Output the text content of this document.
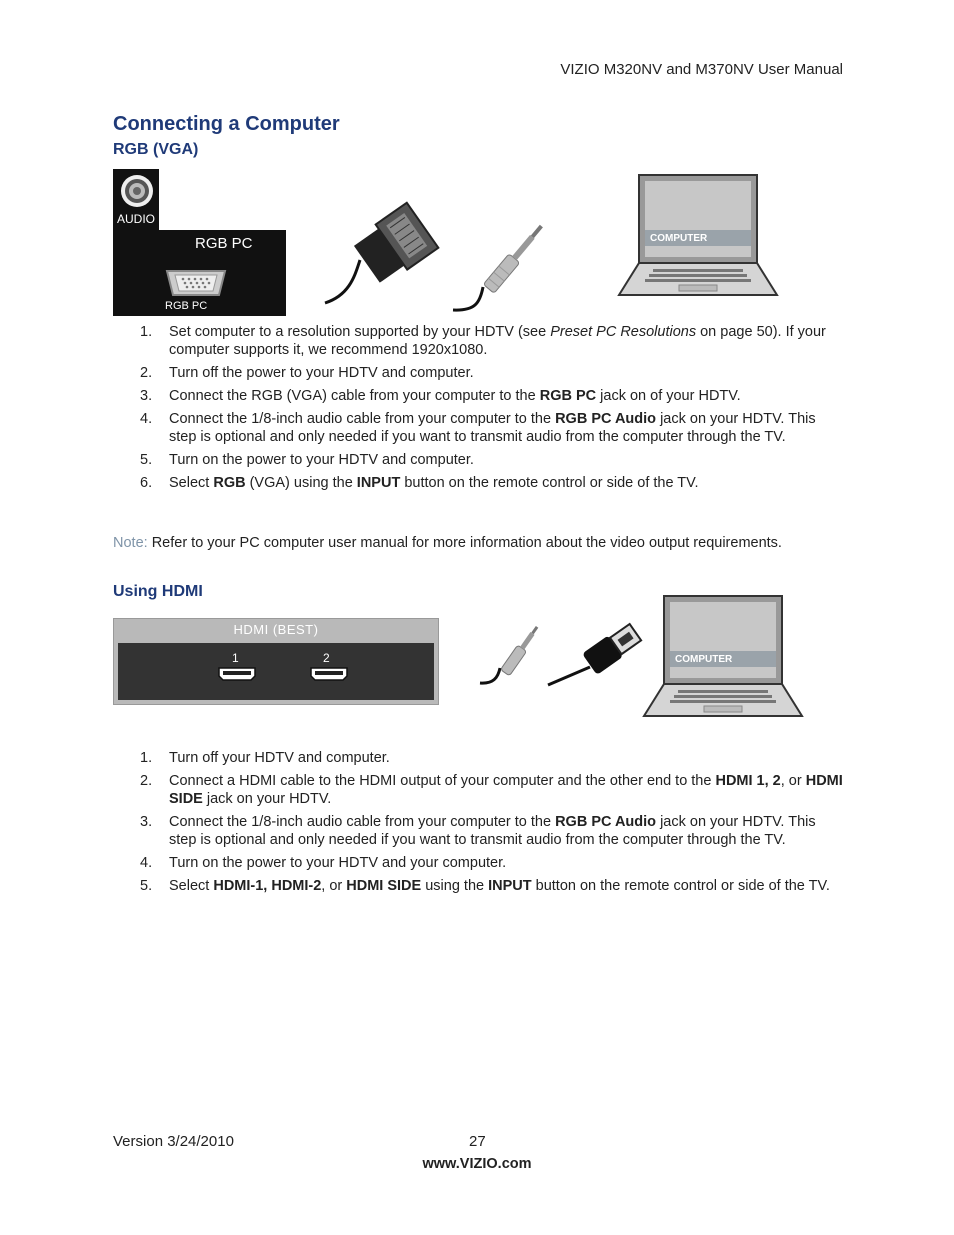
VIZIO M320NV and M370NV User Manual
Connecting a Computer
RGB (VGA)
AUDIO
RGB PC
RGB PC
COMPUTER
1. Set computer to a resolution supported by your HDTV (see Preset PC Resolutions on page 50). If your computer supports it, we recommend 1920x1080.
2. Turn off the power to your HDTV and computer.
3. Connect the RGB (VGA) cable from your computer to the RGB PC jack on of your HDTV.
4. Connect the 1/8-inch audio cable from your computer to the RGB PC Audio jack on your HDTV. This step is optional and only needed if you want to transmit audio from the computer through the TV.
5. Turn on the power to your HDTV and computer.
6. Select RGB (VGA) using the INPUT button on the remote control or side of the TV.
Note: Refer to your PC computer user manual for more information about the video output requirements.
Using HDMI
HDMI (BEST)
1	2	COMPUTER
1. Turn off your HDTV and computer.
2. Connect a HDMI cable to the HDMI output of your computer and the other end to the HDMI 1, 2, or HDMI SIDE jack on your HDTV.
3. Connect the 1/8-inch audio cable from your computer to the RGB PC Audio jack on your HDTV. This step is optional and only needed if you want to transmit audio from the computer through the TV.
4. Turn on the power to your HDTV and your computer.
5. Select HDMI-1, HDMI-2, or HDMI SIDE using the INPUT button on the remote control or side of the TV.
Version 3/24/2010	27
www.VIZIO.com
